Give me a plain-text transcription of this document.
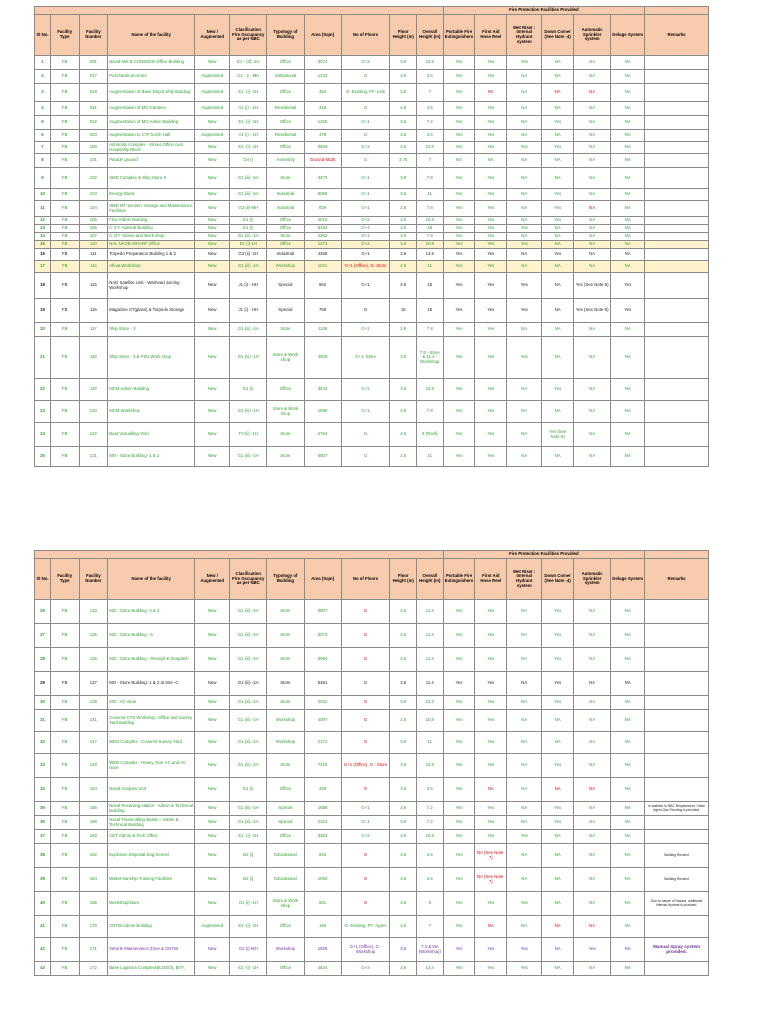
											Fire Protection Facilities Provided						
Sl No.	Facility Type	Facility Number	Name of the facility	New / Augmented	Clasification Fire Occupancy as per NBC	Typology of Building	Area (Sqm)	No of Floors	Floor Height (m)	Overall Height (m)	Portable Fire Extinguishers	First Aid Hose Reel	Wet Riser : Internal Hydrant system	Down Comer (See Note -4)	Automatic Sprinkler system	Deluge System	Remarks
1	FB	001	Naval Met & CONKEEN Office Building	New	E1 - (d) -1H	Office	3074	G+3	3.6	10.8	Yes	Yes	Yes	NA	NA	NA	
2	FB	017	Post Medical centre	Augmented	C1 - 2 - MH	Institutional	1233	G	3.6	3.6	Yes	Yes	NA	NA	NA	NA	
3	FB	019	Augmentation of Base Depot Ship Building	Augmented	E1 -(i) -1H	Office	464	G- Existing, FF- extn	3.5	7	Yes	NA	NA	NA	NA	NA	
4	FB	021	Augmentation of MO Canteen	Augmented	A1 (i) - 1H	Residential	319	G	4.5	4.5	Yes	Yes	NA	NA	NA	NA	
5	FB	022	Augmentation of MO Admin Building	New	E1 -(i) -1H	Office	1325	G+1	3.6	7.2	Yes	Yes	NA	Yes	NA	NA	
6	FB	023	Augmentation to CTF lunch Hall	Augmented	A1 (i) - 1H	Residential	478	G	3.6	3.6	Yes	Yes	NA	NA	NA	NA	
7	FB	100	Admiralty Complex - Stores Office cum Hospitality Block	New	E1 -(i) -1H	Office	5603	G+2	3.6	10.8	Yes	Yes	Yes	Yes	NA	NA	
8	FB	101	Parade ground	New	D4 ()	Assembly	Ground-5625	G	3.75	7	NA	NA	NA	NA	NA	NA	
9	FB	102	SMD Complex & Ship Store-II	New	G1 (iii) -1H	Store	3470	G+1	3.9	7.8	Yes	Yes	NA	NA	NA	NA	
10	FB	103	Energy Block	New	G1 (iii) -1H	Industrial	9058	G+1	3.6	11	Yes	Yes	NA	Yes	NA	NA	
11	FB	104	SMD MT Section: Garage and Maintenance Facilities	New	G2 (ii)-MH	Industrial	839	G+1	3.9	7.8	Yes	Yes	NA	Yes	NA	NA	
12	FB	105	FSU Admin Building	New	E1 (i)	Office	4010	G+2	3.6	10.8	Yes	Yes	NA	Yes	NA	NA	
13	FB	106	C O F Admiral Building	New	E1 (i)	Office	5193	G+4	3.6	18	Yes	Yes	Yes	NA	NA	NA	
14	FB	107	C of F Stores and Work shop	New	G1 (iii) -1H	Store	2352	G+1	3.9	7.8	Yes	Yes	NA	NA	NA	NA	
15	FB	110	NAL NAOB WHARF Office	New	E1 (i)-1H	Office	1274	G+2	3.6	10.8	Yes	Yes	Yes	NA	NA	NA	
16	FB	111	Torpedo Preparation Building 1 & 2	New	G3 (ii) -1H	Industrial	4268	G+1	3.6	13.5	Yes	Yes	NA	Yes	NA	NA	
17	FB	114	Afloat Workshop	New	G1 (iii) -1H	Workshop	1021	G+1 (Office), G- Store	4.5	11	Yes	Yes	NA	NA	NA	NA	
18	FB	115	NAD Satellite Unit - Warhead Joining Workshop	New	J1 (i) - HH	Special	662	G+1	3.6	15	Yes	Yes	Yes	NA	Yes (See Note-5)	Yes	
19	FB	116	Magazine ST(glass) & Torpedo Storage	New	J1 (i) - HH	Special	769	G	15	15	Yes	Yes	Yes	NA	Yes (See Note-5)	Yes	
20	FB	117	Ship Store - 3	New	G1 (iii) -1H	Store	1136	G+1	3.9	7.8	Yes	Yes	NA	NA	NA	NA	
21	FB	118	Ship Store - 3 & FSU Work shop	New	G1 (iv) -1H	Store & Work shop	4509	G+1: Store	3.9	7.8 - Store & 11.4 - Workshop	Yes	Yes	Yes	NA	NA	NA	
22	FB	119	MCM Admin Building	New	E1 (i)	Office	3544	G+2	3.6	10.8	Yes	Yes	NA	Yes	NA	NA	
23	FB	120	MCM Workshop	New	G1 (iv) -1H	Store & Work shop	1698	G+1	3.9	7.8	Yes	Yes	NA	NA	NA	NA	
24	FB	122	Boat Victualling Yard	New	F3 (ii) -1H	Store	2764	G	4.5	9 (Roof)	Yes	Yes	NA	Yes (See Note-6)	NA	NA	
25	FB	131	MO - Store Building- 1 & 2	New	G1 (iii) -1H	Store	5807	G	3.6	11	Yes	Yes	NA	NA	NA	NA	
											Fire Protection Facilities Provided						
Sl No.	Facility Type	Facility Number	Name of the facility	New / Augmented	Clasification Fire Occupancy as per NBC	Typology of Building	Area (Sqm)	No of Floors	Floor Height (m)	Overall Height (m)	Portable Fire Extinguishers	First Aid Hose Reel	Wet Riser : Internal Hydrant system	Down Comer (See Note -4)	Automatic Sprinkler system	Deluge System	Remarks
26	FB	133	MO - Store Building- 3 & 4	New	G1 (iii) -1H	Store	5807	G	3.6	11.4	Yes	Yes	NA	Yes	NA	NA	
27	FB	135	MO - Store Building - 5	New	G1 (iii) -1H	Store	3073	G	3.6	11.4	Yes	Yes	NA	Yes	NA	NA	
28	FB	136	MO - Store Building - Receipt & Despatch	New	G1 (iii) -1H	Store	3094	G	3.6	11.4	Yes	Yes	NA	Yes	NA	NA	
29	FB	137	MO - Store Building- 1 & 2 at Site -C	New	G1 (iii) -1H	Store	5481	G	3.6	11.4	Yes	Yes	NA	Yes	NA	NA	
30	FB	139	MO - AC store	New	G1 (iii) -1H	Store	2011	G	3.6	13.2	Yes	Yes	NA	Yes	NA	NA	
31	FB	141	Covered CTS Workshop, Office and Survey Yard Building	New	G1 (iii) -1H	Workshop	4097	G	3.6	10.8	Yes	Yes	NA	NA	NA	NA	
32	FB	147	WED Complex - Covered Survey Yard	New	G1 (iii) -1H	Workshop	2174	G	3.6	11	Yes	Yes	NA	NA	NA	NA	
33	FB	148	WED Complex - Heavy, Non-AC and AC store	New	G1 (iii) -1H	Store	7419	G+1 (Office), G - Store	3.6	10.8	Yes	Yes	NA	Yes	NA	NA	
34	FB	154	Naval Analysis Unit	New	E1 (i)	Office	329	G	3.6	3.6	Yes	NA	NA	NA	NA	NA	
35	FB	155	Naval Receiving station - Admin & Technical Building	New	G1 (iii) -1H	Special	1688	G+1	3.6	7.2	Yes	Yes	NA	Yes	NA	NA	In addition to NBC Requirement, Clean Agent Gas Flooding is provided.
36	FB	158	Naval Transmitting station - Admin & Technical Building	New	G1 (iii) -1H	Special	2324	G+1	3.6	7.2	Yes	Yes	NA	Yes	NA	NA	
37	FB	160	CDT Admin & Tech Office	New	E1 -(i) -1H	Office	3353	G+2	3.6	10.8	Yes	Yes	Yes	NA	NA	NA	
38	FB	162	Explosive Disposal Dog Kennel	New	B1 (i)	Educational	843	G	3.6	3.6	Yes	NA (See Note-7)	NA	NA	NA	NA	Building Revised
39	FB	164	Waltermanship Training Facilities	New	B1 (i)	Educational	1093	G	3.6	3.6	Yes	NA (See Note-7)	NA	NA	NA	NA	Building Revised
40	FB	165	Workshop/store	New	G1 (i) -1H	Store & Work shop	501	G	3.6	5	Yes	Yes	Yes	NA	NA	NA	Due to nature of Hazard, additional Internal Hydrant is provided.
41	FB	170	CNTW Admin Building	Augmented	E1 -(i) -1H	Office	150	G- Existing, FF- Agmn	3.5	7	Yes	NA	NA	NA	NA	NA	
42	FB	171	Vehicle Maintenance Zone & CNTW	New	G2 (i)-MH	Workshop	1829	G+1 (Office), G - Workshop	3.6	7.2 & 9m (Workshop)	Yes	Yes	Yes	NA	Yes	NA	Manual Spray system provided.
43	FB	172	Base Logistics Complex(BLOGO), BVY,	New	E1 -(i) -1H	Office	4624	G+3	3.6	14.4	Yes	Yes	Yes	NA	NA	NA	
